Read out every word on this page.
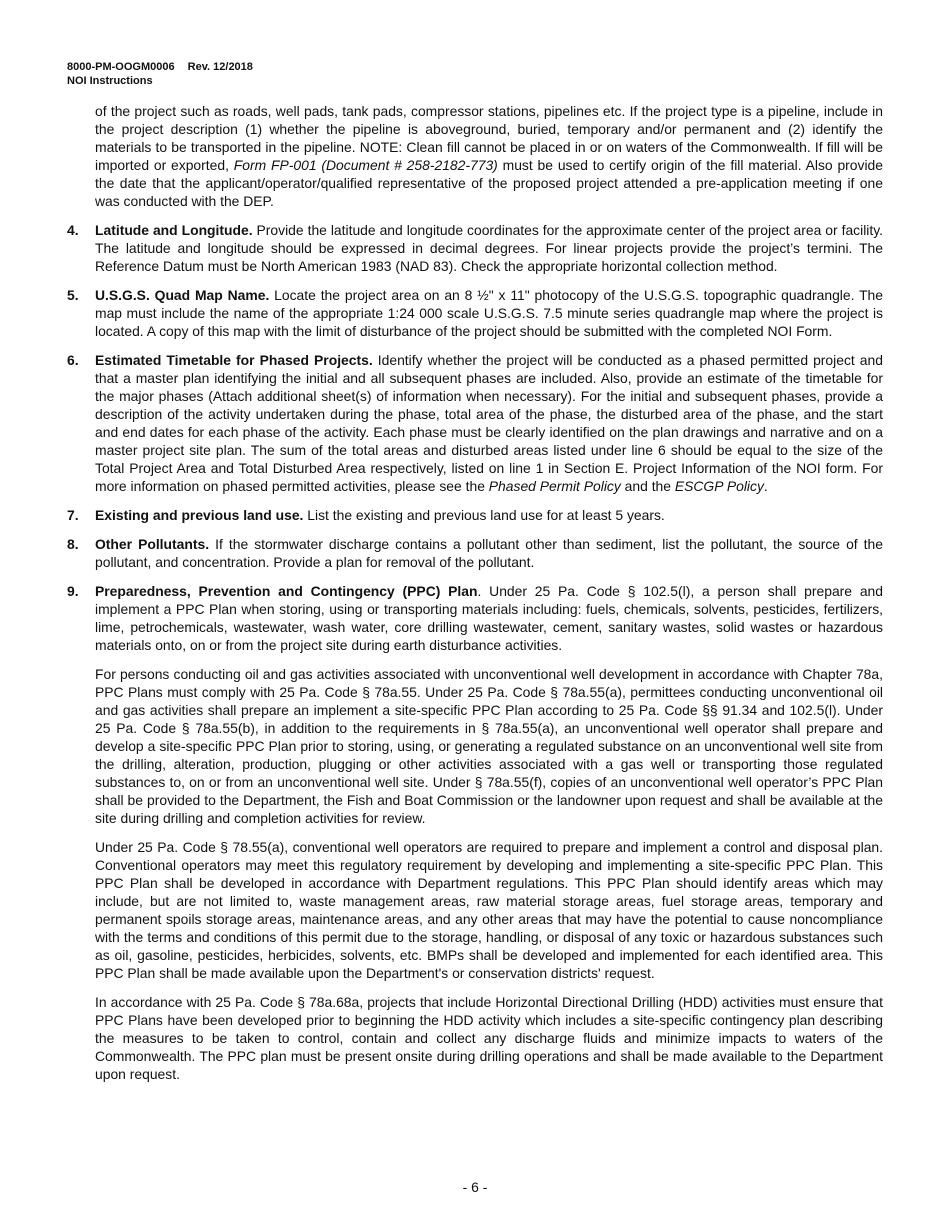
8000-PM-OOGM0006 Rev. 12/2018
NOI Instructions

of the project such as roads, well pads, tank pads, compressor stations, pipelines etc. If the project type is a pipeline, include in the project description (1) whether the pipeline is aboveground, buried, temporary and/or permanent and (2) identify the materials to be transported in the pipeline. NOTE: Clean fill cannot be placed in or on waters of the Commonwealth. If fill will be imported or exported, Form FP-001 (Document # 258-2182-773) must be used to certify origin of the fill material. Also provide the date that the applicant/operator/qualified representative of the proposed project attended a pre-application meeting if one was conducted with the DEP.

4. Latitude and Longitude. Provide the latitude and longitude coordinates for the approximate center of the project area or facility. The latitude and longitude should be expressed in decimal degrees. For linear projects provide the project’s termini. The Reference Datum must be North American 1983 (NAD 83). Check the appropriate horizontal collection method.

5. U.S.G.S. Quad Map Name. Locate the project area on an 8 ½" x 11" photocopy of the U.S.G.S. topographic quadrangle. The map must include the name of the appropriate 1:24 000 scale U.S.G.S. 7.5 minute series quadrangle map where the project is located. A copy of this map with the limit of disturbance of the project should be submitted with the completed NOI Form.

6. Estimated Timetable for Phased Projects. Identify whether the project will be conducted as a phased permitted project and that a master plan identifying the initial and all subsequent phases are included. Also, provide an estimate of the timetable for the major phases (Attach additional sheet(s) of information when necessary). For the initial and subsequent phases, provide a description of the activity undertaken during the phase, total area of the phase, the disturbed area of the phase, and the start and end dates for each phase of the activity. Each phase must be clearly identified on the plan drawings and narrative and on a master project site plan. The sum of the total areas and disturbed areas listed under line 6 should be equal to the size of the Total Project Area and Total Disturbed Area respectively, listed on line 1 in Section E. Project Information of the NOI form. For more information on phased permitted activities, please see the Phased Permit Policy and the ESCGP Policy.

7. Existing and previous land use. List the existing and previous land use for at least 5 years.

8. Other Pollutants. If the stormwater discharge contains a pollutant other than sediment, list the pollutant, the source of the pollutant, and concentration. Provide a plan for removal of the pollutant.

9. Preparedness, Prevention and Contingency (PPC) Plan. Under 25 Pa. Code § 102.5(l), a person shall prepare and implement a PPC Plan when storing, using or transporting materials including: fuels, chemicals, solvents, pesticides, fertilizers, lime, petrochemicals, wastewater, wash water, core drilling wastewater, cement, sanitary wastes, solid wastes or hazardous materials onto, on or from the project site during earth disturbance activities.

For persons conducting oil and gas activities associated with unconventional well development in accordance with Chapter 78a, PPC Plans must comply with 25 Pa. Code § 78a.55. Under 25 Pa. Code § 78a.55(a), permittees conducting unconventional oil and gas activities shall prepare an implement a site-specific PPC Plan according to 25 Pa. Code §§ 91.34 and 102.5(l). Under 25 Pa. Code § 78a.55(b), in addition to the requirements in § 78a.55(a), an unconventional well operator shall prepare and develop a site-specific PPC Plan prior to storing, using, or generating a regulated substance on an unconventional well site from the drilling, alteration, production, plugging or other activities associated with a gas well or transporting those regulated substances to, on or from an unconventional well site. Under § 78a.55(f), copies of an unconventional well operator’s PPC Plan shall be provided to the Department, the Fish and Boat Commission or the landowner upon request and shall be available at the site during drilling and completion activities for review.

Under 25 Pa. Code § 78.55(a), conventional well operators are required to prepare and implement a control and disposal plan. Conventional operators may meet this regulatory requirement by developing and implementing a site-specific PPC Plan. This PPC Plan shall be developed in accordance with Department regulations. This PPC Plan should identify areas which may include, but are not limited to, waste management areas, raw material storage areas, fuel storage areas, temporary and permanent spoils storage areas, maintenance areas, and any other areas that may have the potential to cause noncompliance with the terms and conditions of this permit due to the storage, handling, or disposal of any toxic or hazardous substances such as oil, gasoline, pesticides, herbicides, solvents, etc. BMPs shall be developed and implemented for each identified area. This PPC Plan shall be made available upon the Department's or conservation districts' request.

In accordance with 25 Pa. Code § 78a.68a, projects that include Horizontal Directional Drilling (HDD) activities must ensure that PPC Plans have been developed prior to beginning the HDD activity which includes a site-specific contingency plan describing the measures to be taken to control, contain and collect any discharge fluids and minimize impacts to waters of the Commonwealth. The PPC plan must be present onsite during drilling operations and shall be made available to the Department upon request.

- 6 -
